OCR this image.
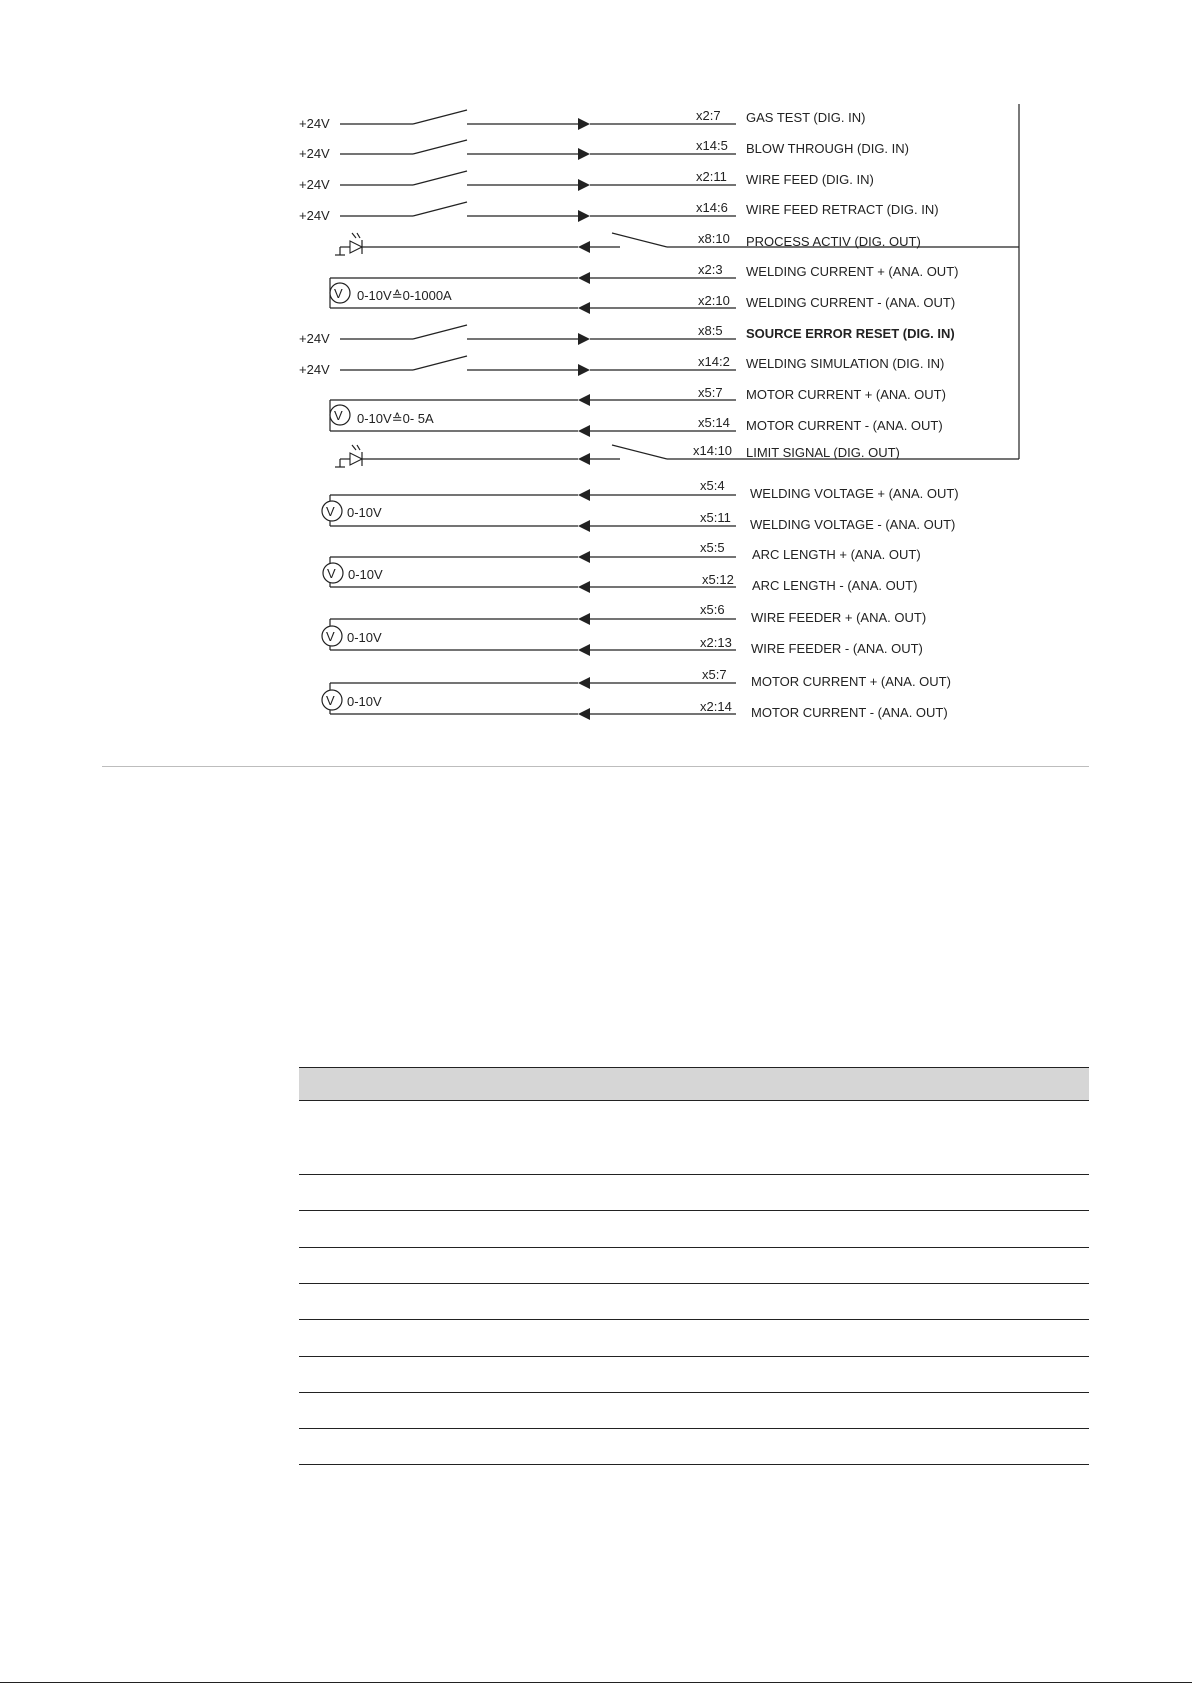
+24V
x2:7 GAS TEST (DIG. IN)
+24V
x14:5 BLOW THROUGH (DIG. IN)
+24V
x2:11 WIRE FEED (DIG. IN)
+24V
x14:6 WIRE FEED RETRACT (DIG. IN)
x8:10 PROCESS ACTIV (DIG. OUT)
V 0-10V≙0-1000A
x2:3 WELDING CURRENT + (ANA. OUT)
x2:10 WELDING CURRENT - (ANA. OUT)
+24V
x8:5 SOURCE ERROR RESET (DIG. IN)
+24V
x14:2 WELDING SIMULATION (DIG. IN)
V 0-10V≙0- 5A
x5:7 MOTOR CURRENT + (ANA. OUT)
x5:14 MOTOR CURRENT - (ANA. OUT)
x14:10 LIMIT SIGNAL (DIG. OUT)
V 0-10V
x5:4
WELDING VOLTAGE + (ANA. OUT)
x5:11 WELDING VOLTAGE - (ANA. OUT)
V 0-10V
x5:5 ARC LENGTH + (ANA. OUT)
x5:12 ARC LENGTH - (ANA. OUT)
V 0-10V
x5:6
WIRE FEEDER + (ANA. OUT)
x2:13 WIRE FEEDER - (ANA. OUT)
V 0-10V
x5:7 MOTOR CURRENT + (ANA. OUT)
x2:14 MOTOR CURRENT - (ANA. OUT)
